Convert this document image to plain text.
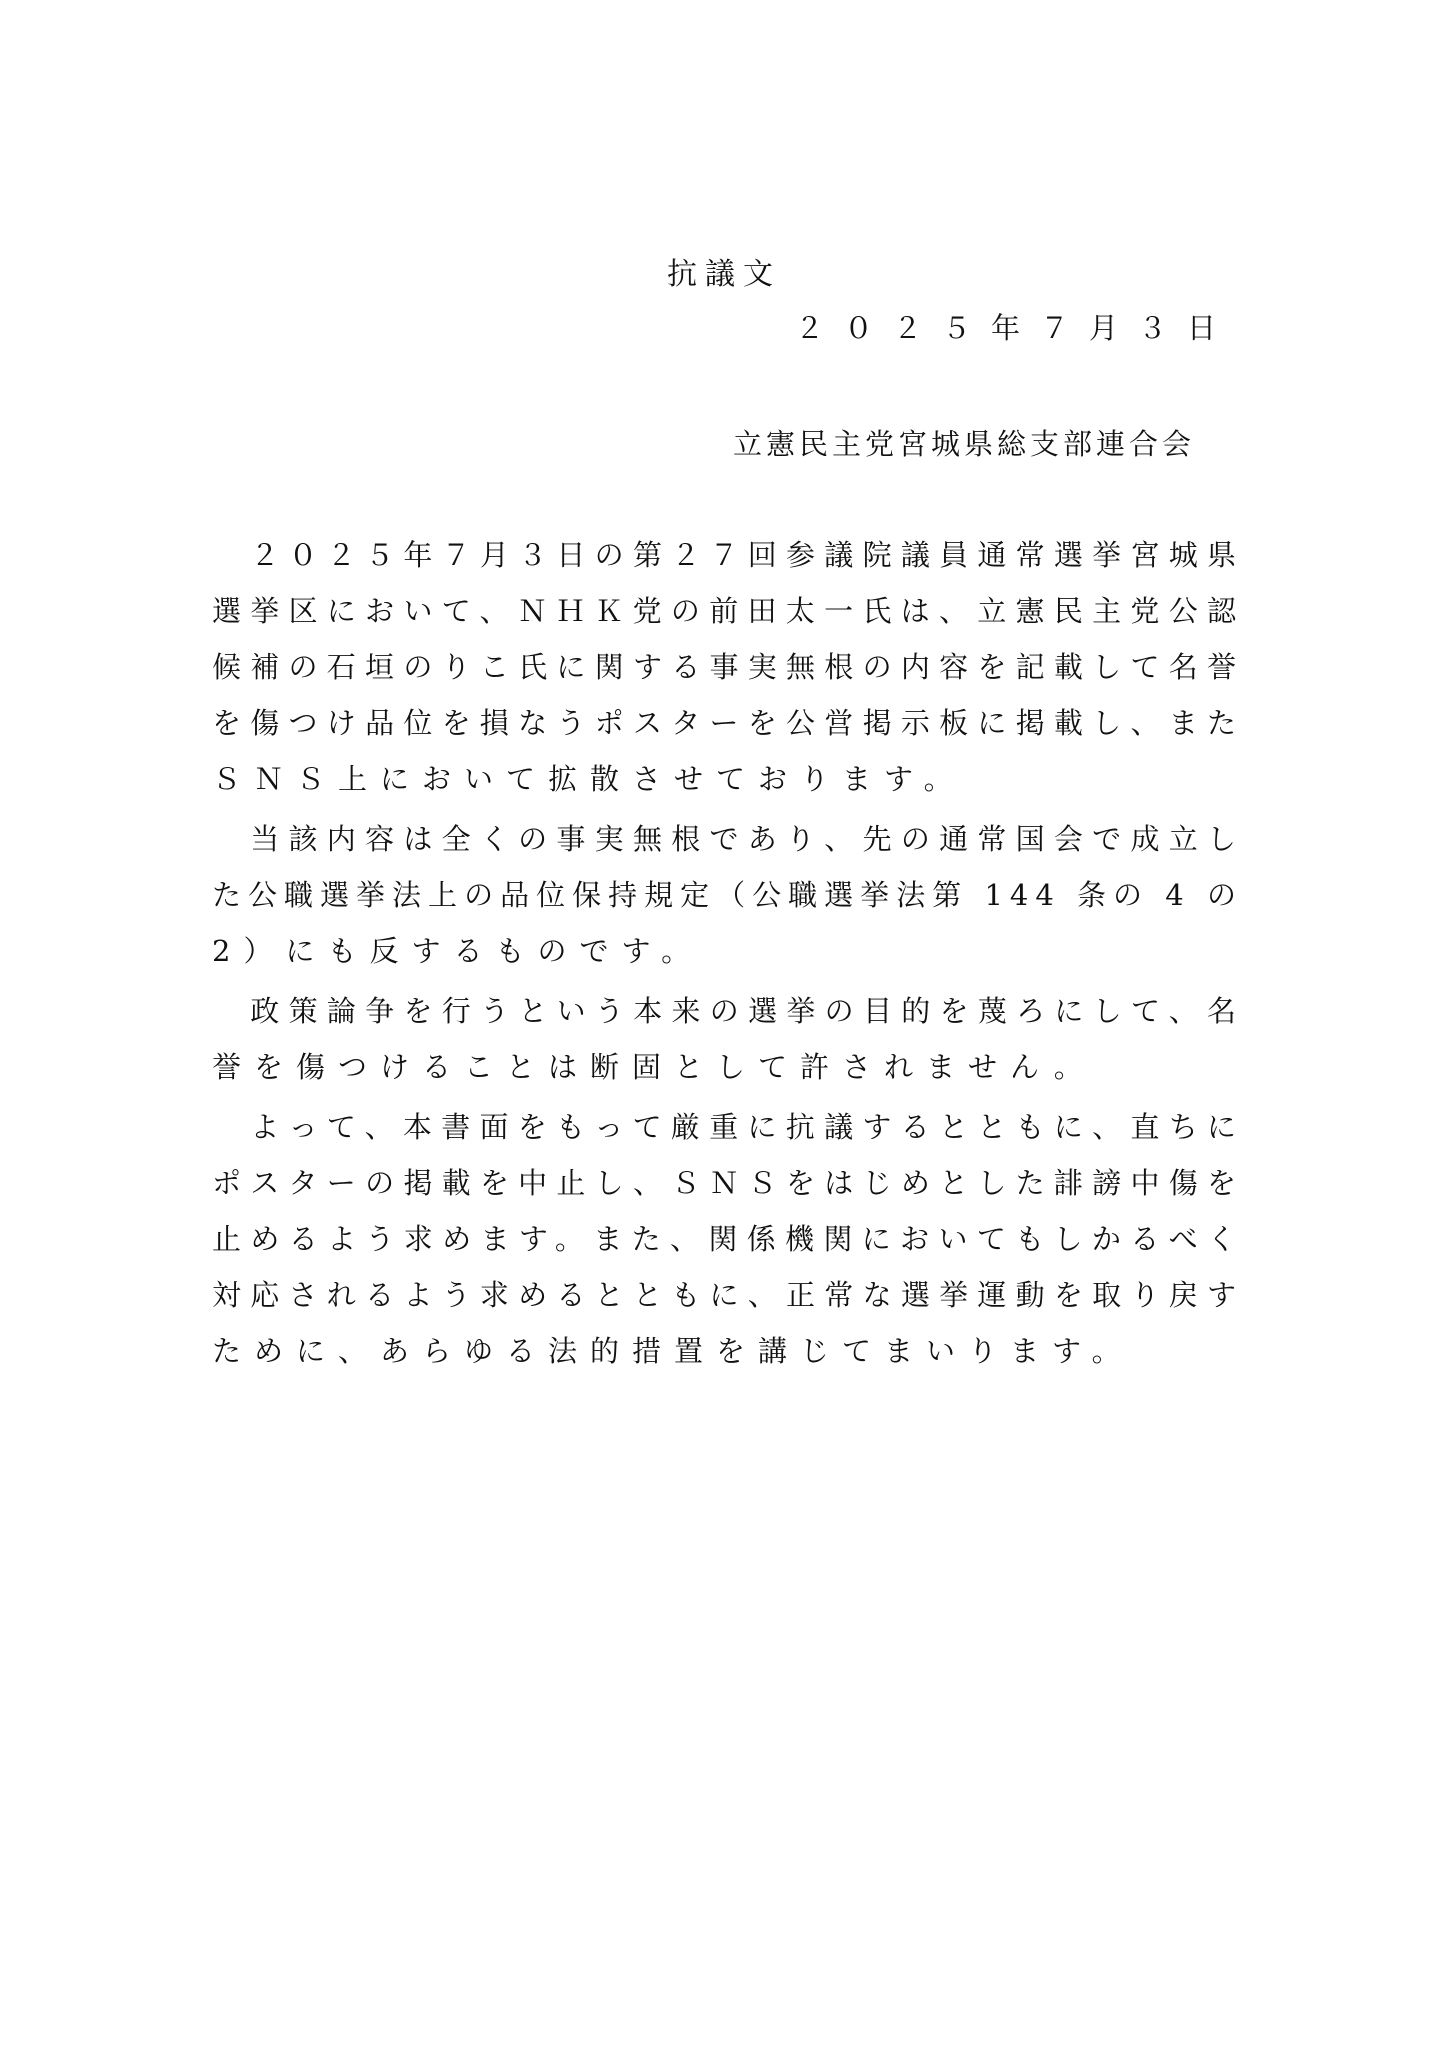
抗議文
２０２５年７月３日
立憲民主党宮城県総支部連合会
　２０２５年７月３日の第２７回参議院議員通常選挙宮城県
選挙区において、ＮＨＫ党の前田太一氏は、立憲民主党公認
候補の石垣のりこ氏に関する事実無根の内容を記載して名誉
を傷つけ品位を損なうポスターを公営掲示板に掲載し、また
ＳＮＳ上において拡散させております。
　当該内容は全くの事実無根であり、先の通常国会で成立し
た公職選挙法上の品位保持規定（公職選挙法第 144 条の 4 の
2）にも反するものです。
　政策論争を行うという本来の選挙の目的を蔑ろにして、名
誉を傷つけることは断固として許されません。
　よって、本書面をもって厳重に抗議するとともに、直ちに
ポスターの掲載を中止し、ＳＮＳをはじめとした誹謗中傷を
止めるよう求めます。また、関係機関においてもしかるべく
対応されるよう求めるとともに、正常な選挙運動を取り戻す
ために、あらゆる法的措置を講じてまいります。
